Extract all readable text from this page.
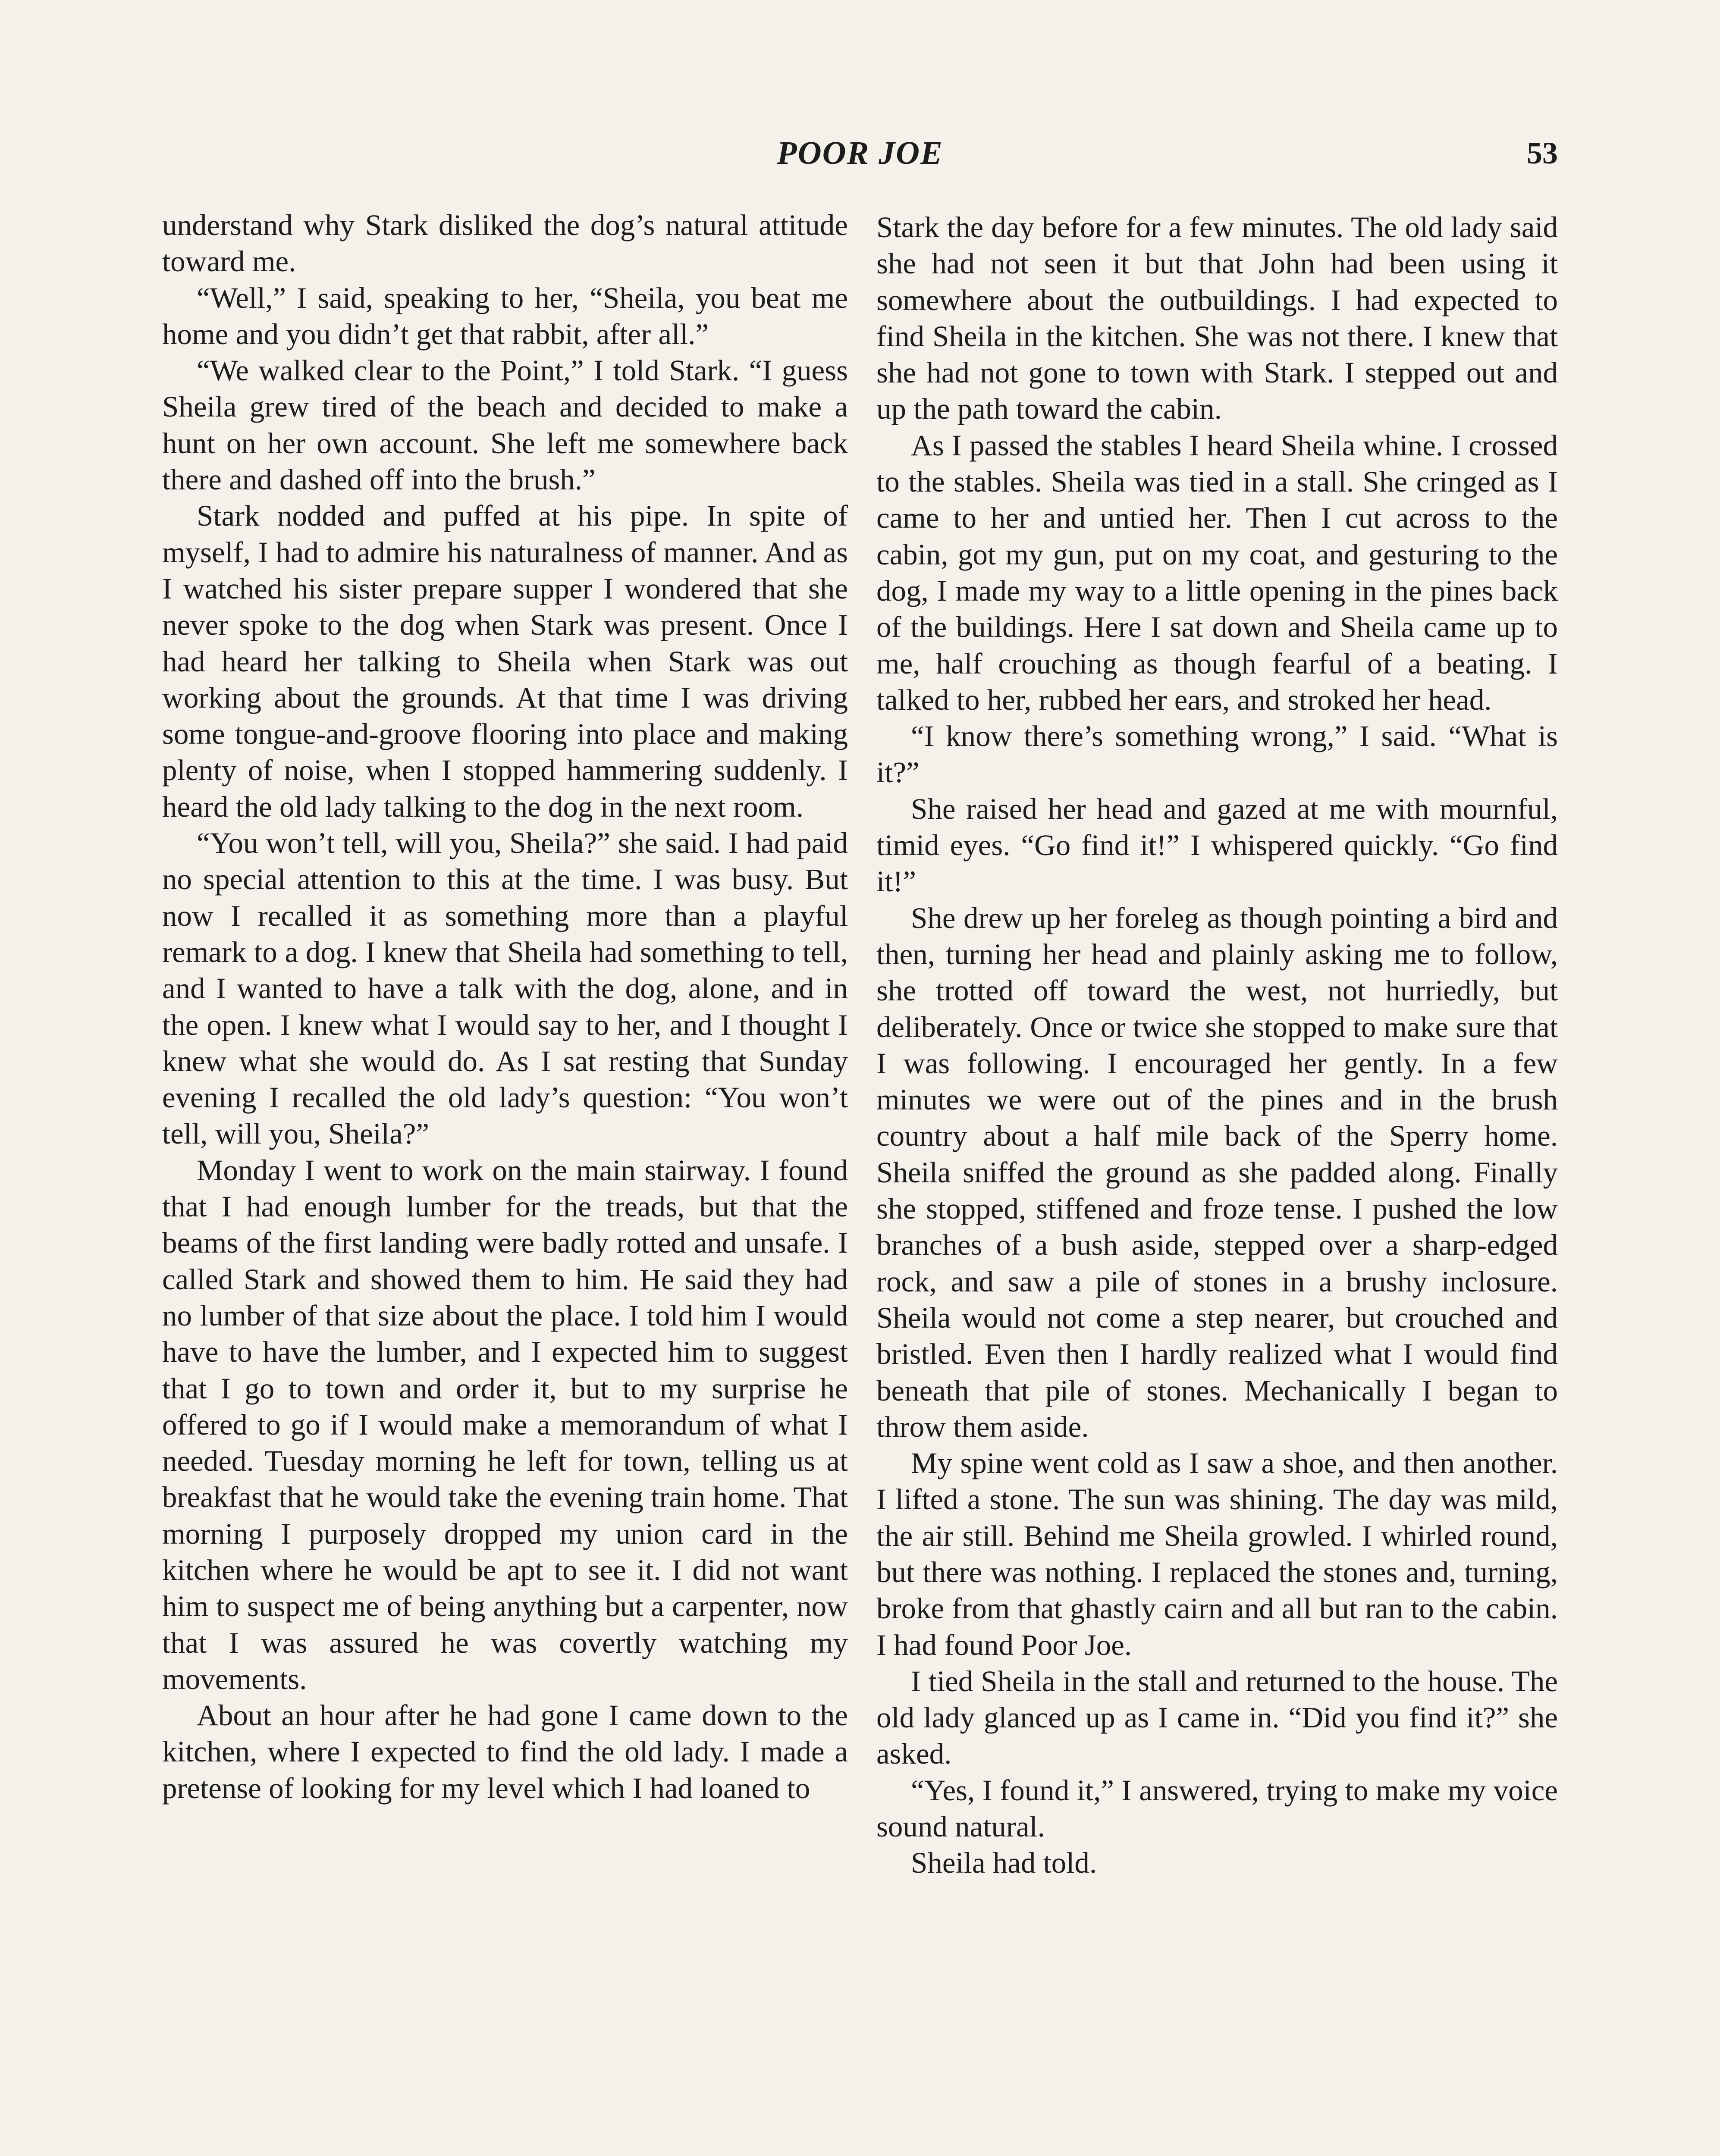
POOR JOE	53

understand why Stark disliked the dog’s natural attitude toward me.

“Well,” I said, speaking to her, “Sheila, you beat me home and you didn’t get that rabbit, after all.”

“We walked clear to the Point,” I told Stark. “I guess Sheila grew tired of the beach and decided to make a hunt on her own account. She left me somewhere back there and dashed off into the brush.”

Stark nodded and puffed at his pipe. In spite of myself, I had to admire his naturalness of manner. And as I watched his sister prepare supper I wondered that she never spoke to the dog when Stark was present. Once I had heard her talking to Sheila when Stark was out working about the grounds. At that time I was driving some tongue-and-groove flooring into place and making plenty of noise, when I stopped hammering suddenly. I heard the old lady talking to the dog in the next room.

“You won’t tell, will you, Sheila?” she said. I had paid no special attention to this at the time. I was busy. But now I recalled it as something more than a playful remark to a dog. I knew that Sheila had something to tell, and I wanted to have a talk with the dog, alone, and in the open. I knew what I would say to her, and I thought I knew what she would do. As I sat resting that Sunday evening I recalled the old lady’s question: “You won’t tell, will you, Sheila?”

Monday I went to work on the main stairway. I found that I had enough lumber for the treads, but that the beams of the first landing were badly rotted and unsafe. I called Stark and showed them to him. He said they had no lumber of that size about the place. I told him I would have to have the lumber, and I expected him to suggest that I go to town and order it, but to my surprise he offered to go if I would make a memorandum of what I needed. Tuesday morning he left for town, telling us at breakfast that he would take the evening train home. That morning I purposely dropped my union card in the kitchen where he would be apt to see it. I did not want him to suspect me of being anything but a carpenter, now that I was assured he was covertly watching my movements.

About an hour after he had gone I came down to the kitchen, where I expected to find the old lady. I made a pretense of looking for my level which I had loaned to

Stark the day before for a few minutes. The old lady said she had not seen it but that John had been using it somewhere about the outbuildings. I had expected to find Sheila in the kitchen. She was not there. I knew that she had not gone to town with Stark. I stepped out and up the path toward the cabin.

As I passed the stables I heard Sheila whine. I crossed to the stables. Sheila was tied in a stall. She cringed as I came to her and untied her. Then I cut across to the cabin, got my gun, put on my coat, and gesturing to the dog, I made my way to a little opening in the pines back of the buildings. Here I sat down and Sheila came up to me, half crouching as though fearful of a beating. I talked to her, rubbed her ears, and stroked her head.

“I know there’s something wrong,” I said. “What is it?”

She raised her head and gazed at me with mournful, timid eyes. “Go find it!” I whispered quickly. “Go find it!”

She drew up her foreleg as though pointing a bird and then, turning her head and plainly asking me to follow, she trotted off toward the west, not hurriedly, but deliberately. Once or twice she stopped to make sure that I was following. I encouraged her gently. In a few minutes we were out of the pines and in the brush country about a half mile back of the Sperry home. Sheila sniffed the ground as she padded along. Finally she stopped, stiffened and froze tense. I pushed the low branches of a bush aside, stepped over a sharp-edged rock, and saw a pile of stones in a brushy inclosure. Sheila would not come a step nearer, but crouched and bristled. Even then I hardly realized what I would find beneath that pile of stones. Mechanically I began to throw them aside.

My spine went cold as I saw a shoe, and then another. I lifted a stone. The sun was shining. The day was mild, the air still. Behind me Sheila growled. I whirled round, but there was nothing. I replaced the stones and, turning, broke from that ghastly cairn and all but ran to the cabin. I had found Poor Joe.

I tied Sheila in the stall and returned to the house. The old lady glanced up as I came in. “Did you find it?” she asked.

“Yes, I found it,” I answered, trying to make my voice sound natural.

Sheila had told.
